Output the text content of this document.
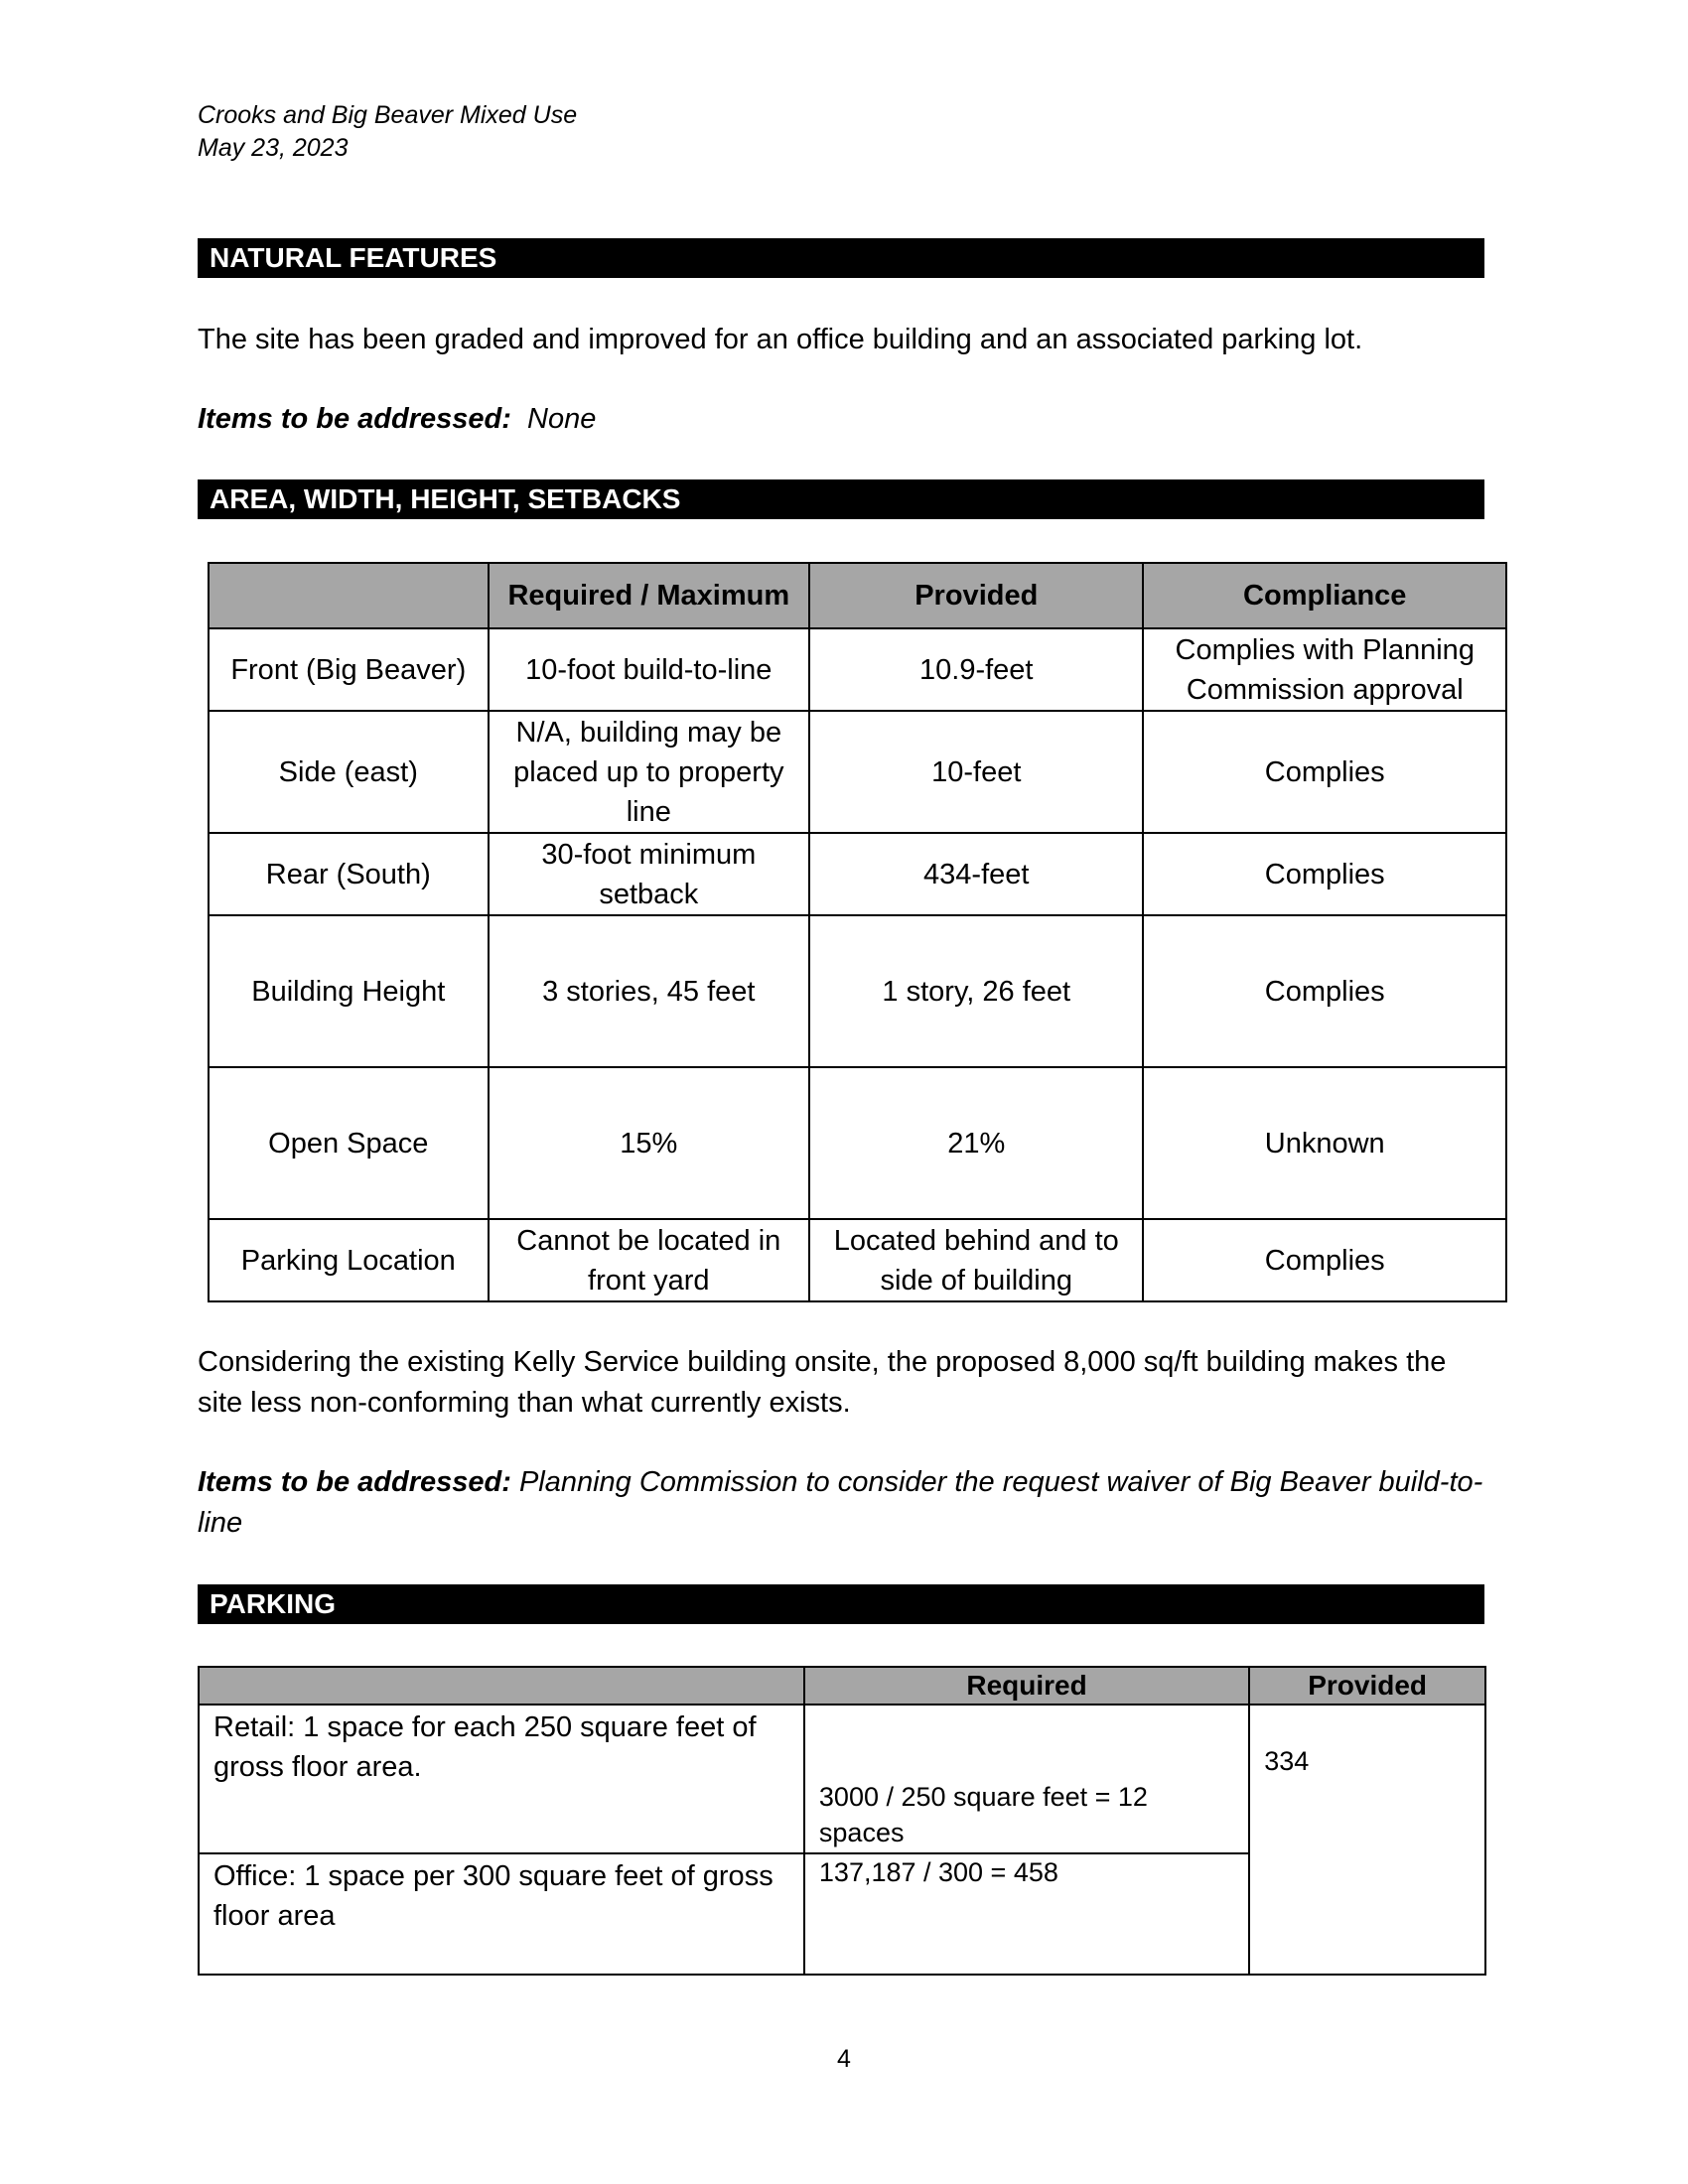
Crooks and Big Beaver Mixed Use
May 23, 2023
NATURAL FEATURES
The site has been graded and improved for an office building and an associated parking lot.
Items to be addressed: None
AREA, WIDTH, HEIGHT, SETBACKS
	Required / Maximum	Provided	Compliance
Front (Big Beaver)	10-foot build-to-line	10.9-feet	Complies with Planning Commission approval
Side (east)	N/A, building may be placed up to property line	10-feet	Complies
Rear (South)	30-foot minimum setback	434-feet	Complies
Building Height	3 stories, 45 feet	1 story, 26 feet	Complies
Open Space	15%	21%	Unknown
Parking Location	Cannot be located in front yard	Located behind and to side of building	Complies
Considering the existing Kelly Service building onsite, the proposed 8,000 sq/ft building makes the site less non-conforming than what currently exists.
Items to be addressed: Planning Commission to consider the request waiver of Big Beaver build-to-line
PARKING
	Required	Provided
Retail: 1 space for each 250 square feet of gross floor area.	3000 / 250 square feet = 12 spaces	334
Office: 1 space per 300 square feet of gross floor area	137,187 / 300 = 458	
4
